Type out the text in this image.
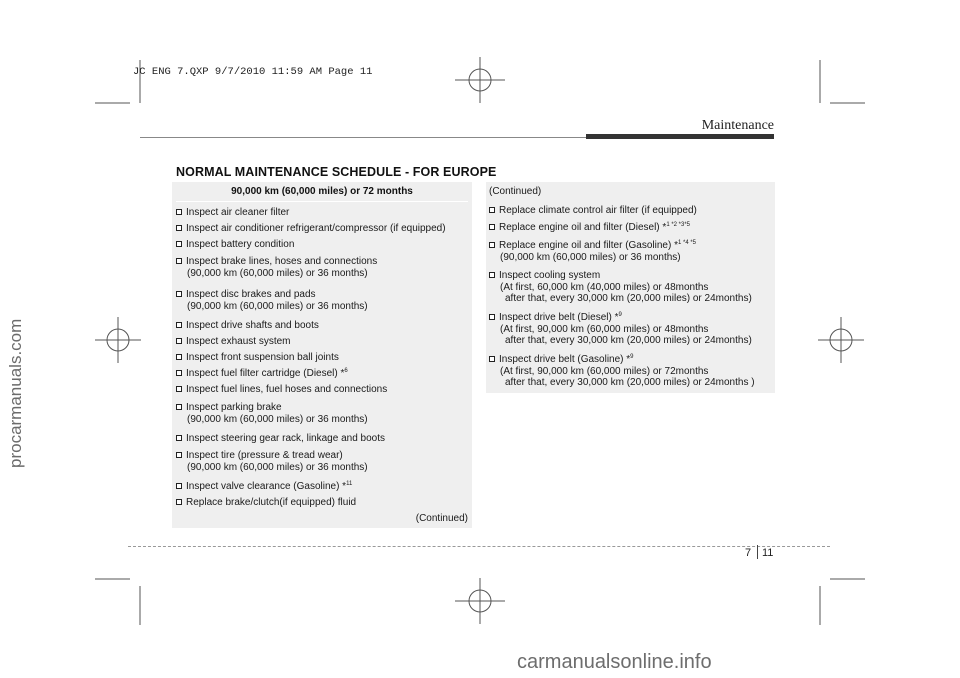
JC ENG 7.QXP 9/7/2010 11:59 AM Page 11
Maintenance
NORMAL MAINTENANCE SCHEDULE - FOR EUROPE
90,000 km (60,000 miles) or 72 months
Inspect air cleaner filter
Inspect air conditioner refrigerant/compressor (if equipped)
Inspect battery condition
Inspect brake lines, hoses and connections
(90,000 km (60,000 miles) or 36 months)
Inspect disc brakes and pads
(90,000 km (60,000 miles) or 36 months)
Inspect drive shafts and boots
Inspect exhaust system
Inspect front suspension ball joints
Inspect fuel filter cartridge (Diesel) *$^6$
Inspect fuel lines, fuel hoses and connections
Inspect parking brake
(90,000 km (60,000 miles) or 36 months)
Inspect steering gear rack, linkage and boots
Inspect tire (pressure & tread wear)
(90,000 km (60,000 miles) or 36 months)
Inspect valve clearance (Gasoline) *$^{11}$
Replace brake/clutch(if equipped) fluid
(Continued)
(Continued)
Replace climate control air filter (if equipped)
Replace engine oil and filter (Diesel) *$^{1 *2 *3*5}$
Replace engine oil and filter (Gasoline) *$^{1 *4 *5}$
(90,000 km (60,000 miles) or 36 months)
Inspect cooling system
(At first, 60,000 km (40,000 miles) or 48months
after that, every 30,000 km (20,000 miles) or 24months)
Inspect drive belt (Diesel) *$^9$
(At first, 90,000 km (60,000 miles) or 48months
after that, every 30,000 km (20,000 miles) or 24months)
Inspect drive belt (Gasoline) *$^9$
(At first, 90,000 km (60,000 miles) or 72months
after that, every 30,000 km (20,000 miles) or 24months )
7 11
procarmanuals.com
carmanualsonline.info
